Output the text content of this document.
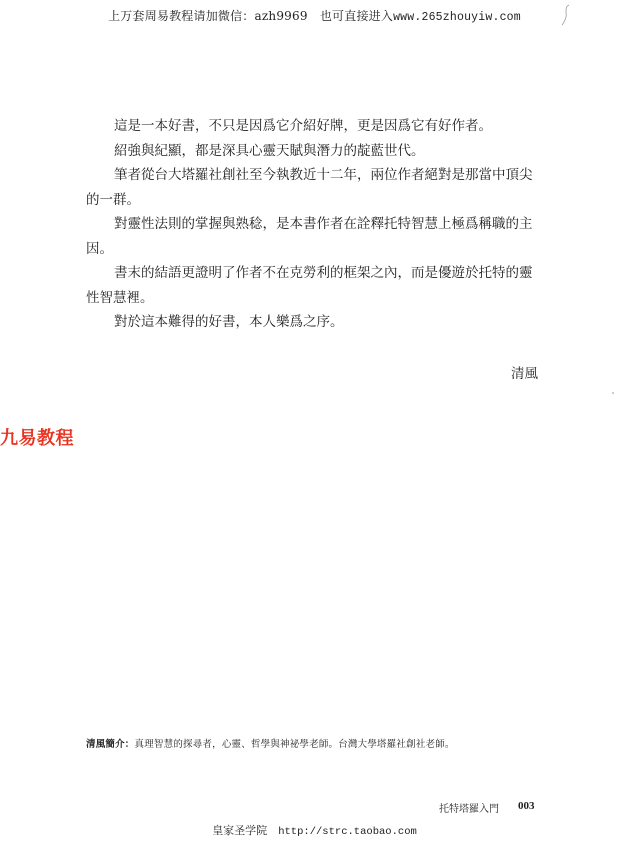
上万套周易教程请加微信：azh9969　也可直接进入www.265zhouyiw.com

這是一本好書，不只是因爲它介紹好牌，更是因爲它有好作者。

紹強與紀顯，都是深具心靈天賦與潛力的靛藍世代。

筆者從台大塔羅社創社至今執教近十二年，兩位作者絕對是那當中頂尖的一群。

對靈性法則的掌握與熟稔，是本書作者在詮釋托特智慧上極爲稱職的主因。

書末的結語更證明了作者不在克勞利的框架之內，而是優遊於托特的靈性智慧裡。

對於這本難得的好書，本人樂爲之序。

清風
九易教程
清風簡介：真理智慧的探尋者，心靈、哲學與神祕學老師。台灣大學塔羅社創社老師。
托特塔羅入門 003
皇家圣学院　http://strc.taobao.com
